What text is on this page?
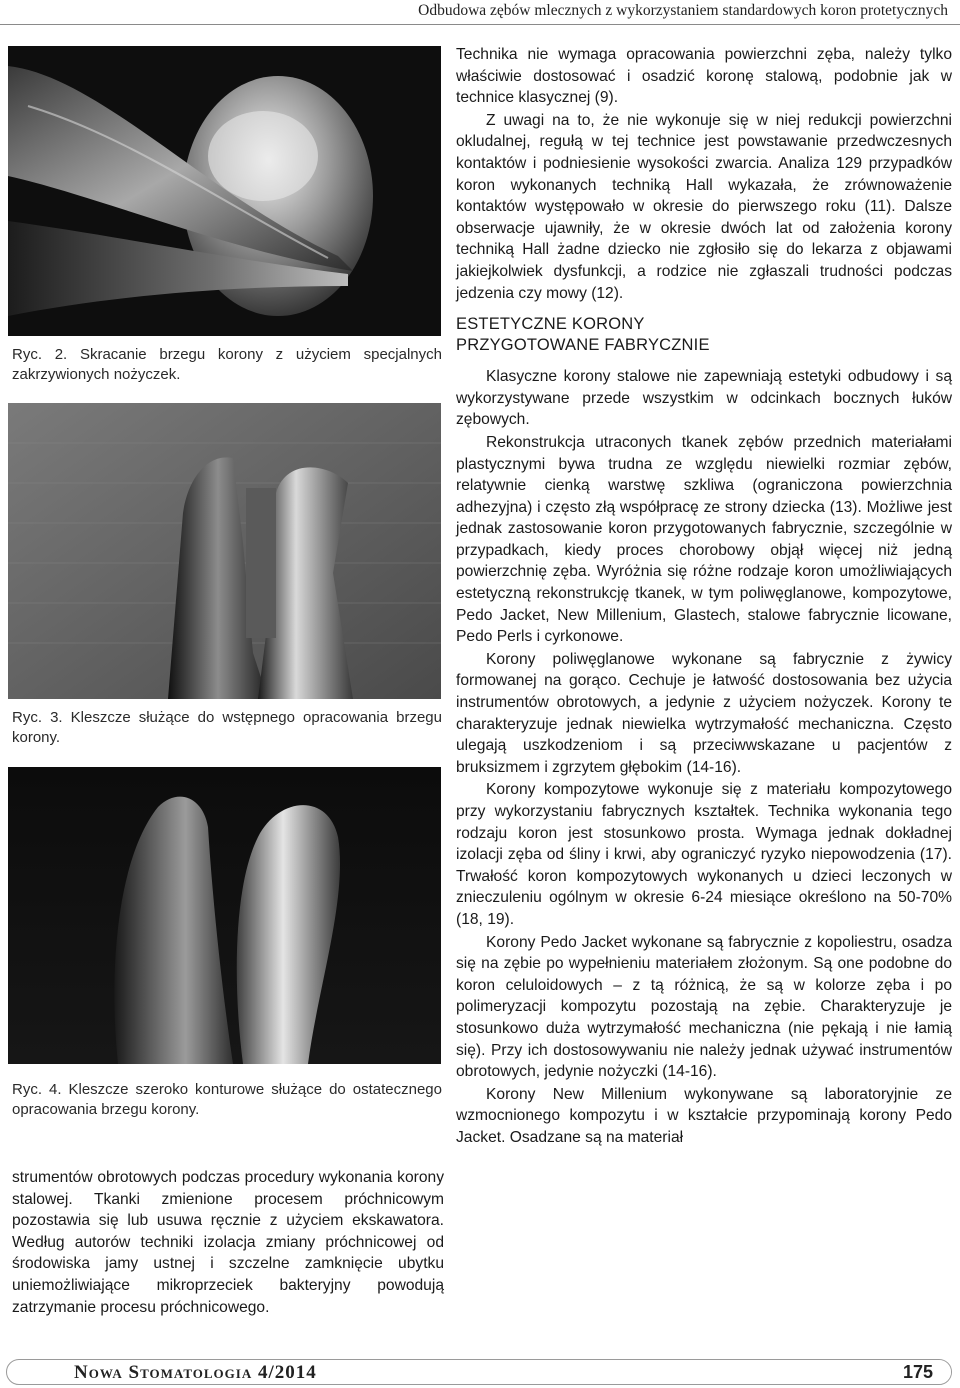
Odbudowa zębów mlecznych z wykorzystaniem standardowych koron protetycznych
Ryc. 2. Skracanie brzegu korony z użyciem specjalnych zakrzywionych nożyczek.
Ryc. 3. Kleszcze służące do wstępnego opracowania brzegu korony.
Ryc. 4. Kleszcze szeroko konturowe służące do ostatecznego opracowania brzegu korony.

strumentów obrotowych podczas procedury wykonania korony stalowej. Tkanki zmienione procesem próchnicowym pozostawia się lub usuwa ręcznie z użyciem ekskawatora. Według autorów techniki izolacja zmiany próchnicowej od środowiska jamy ustnej i szczelne zamknięcie ubytku uniemożliwiające mikroprzeciek bakteryjny powodują zatrzymanie procesu próchnicowego.

Technika nie wymaga opracowania powierzchni zęba, należy tylko właściwie dostosować i osadzić koronę stalową, podobnie jak w technice klasycznej (9).

Z uwagi na to, że nie wykonuje się w niej redukcji powierzchni okludalnej, regułą w tej technice jest powstawanie przedwczesnych kontaktów i podniesienie wysokości zwarcia. Analiza 129 przypadków koron wykonanych techniką Hall wykazała, że zrównoważenie kontaktów występowało w okresie do pierwszego roku (11). Dalsze obserwacje ujawniły, że w okresie dwóch lat od założenia korony techniką Hall żadne dziecko nie zgłosiło się do lekarza z objawami jakiejkolwiek dysfunkcji, a rodzice nie zgłaszali trudności podczas jedzenia czy mowy (12).

ESTETYCZNE KORONY
PRZYGOTOWANE FABRYCZNIE

Klasyczne korony stalowe nie zapewniają estetyki odbudowy i są wykorzystywane przede wszystkim w odcinkach bocznych łuków zębowych.

Rekonstrukcja utraconych tkanek zębów przednich materiałami plastycznymi bywa trudna ze względu niewielki rozmiar zębów, relatywnie cienką warstwę szkliwa (ograniczona powierzchnia adhezyjna) i często złą współpracę ze strony dziecka (13). Możliwe jest jednak zastosowanie koron przygotowanych fabrycznie, szczególnie w przypadkach, kiedy proces chorobowy objął więcej niż jedną powierzchnię zęba. Wyróżnia się różne rodzaje koron umożliwiających estetyczną rekonstrukcję tkanek, w tym poliwęglanowe, kompozytowe, Pedo Jacket, New Millenium, Glastech, stalowe fabrycznie licowane, Pedo Perls i cyrkonowe.

Korony poliwęglanowe wykonane są fabrycznie z żywicy formowanej na gorąco. Cechuje je łatwość dostosowania bez użycia instrumentów obrotowych, a jedynie z użyciem nożyczek. Korony te charakteryzuje jednak niewielka wytrzymałość mechaniczna. Często ulegają uszkodzeniom i są przeciwwskazane u pacjentów z bruksizmem i zgrzytem głębokim (14-16).

Korony kompozytowe wykonuje się z materiału kompozytowego przy wykorzystaniu fabrycznych kształtek. Technika wykonania tego rodzaju koron jest stosunkowo prosta. Wymaga jednak dokładnej izolacji zęba od śliny i krwi, aby ograniczyć ryzyko niepowodzenia (17). Trwałość koron kompozytowych wykonanych u dzieci leczonych w znieczuleniu ogólnym w okresie 6-24 miesiące określono na 50-70% (18, 19).

Korony Pedo Jacket wykonane są fabrycznie z kopoliestru, osadza się na zębie po wypełnieniu materiałem złożonym. Są one podobne do koron celuloidowych – z tą różnicą, że są w kolorze zęba i po polimeryzacji kompozytu pozostają na zębie. Charakteryzuje je stosunkowo duża wytrzymałość mechaniczna (nie pękają i nie łamią się). Przy ich dostosowywaniu nie należy jednak używać instrumentów obrotowych, jedynie nożyczki (14-16).

Korony New Millenium wykonywane są laboratoryjnie ze wzmocnionego kompozytu i w kształcie przypominają korony Pedo Jacket. Osadzane są na materiał

Nowa Stomatologia 4/2014	175
